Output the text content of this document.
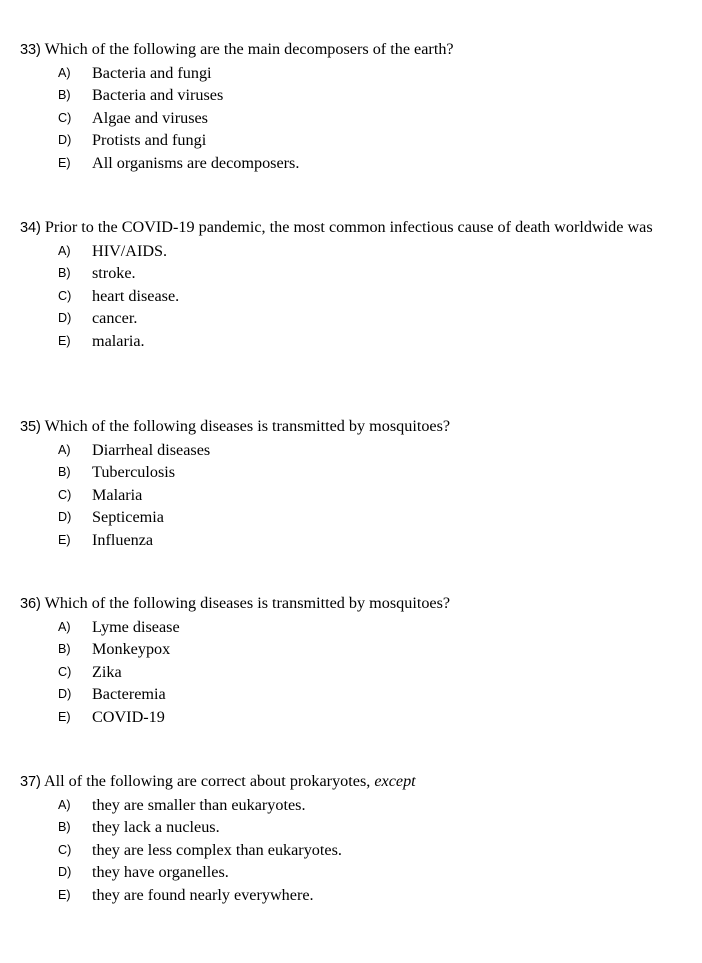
33) Which of the following are the main decomposers of the earth?
A)	Bacteria and fungi
B)	Bacteria and viruses
C)	Algae and viruses
D)	Protists and fungi
E)	All organisms are decomposers.
34) Prior to the COVID-19 pandemic, the most common infectious cause of death worldwide was
A)	HIV/AIDS.
B)	stroke.
C)	heart disease.
D)	cancer.
E)	malaria.
35) Which of the following diseases is transmitted by mosquitoes?
A)	Diarrheal diseases
B)	Tuberculosis
C)	Malaria
D)	Septicemia
E)	Influenza
36) Which of the following diseases is transmitted by mosquitoes?
A)	Lyme disease
B)	Monkeypox
C)	Zika
D)	Bacteremia
E)	COVID-19
37) All of the following are correct about prokaryotes, except
A)	they are smaller than eukaryotes.
B)	they lack a nucleus.
C)	they are less complex than eukaryotes.
D)	they have organelles.
E)	they are found nearly everywhere.
